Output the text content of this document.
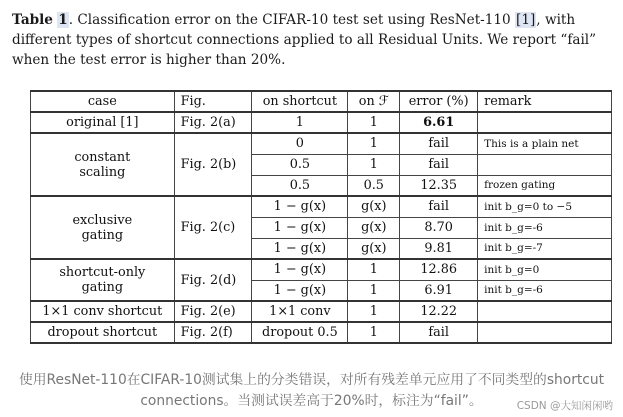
Table 1. Classification error on the CIFAR-10 test set using ResNet-110 [1], with different types of shortcut connections applied to all Residual Units. We report “fail” when the test error is higher than 20%.
case	Fig.	on shortcut	on ℱ	error (%)	remark
original [1]	Fig. 2(a)	1	1	6.61	
constant
scaling	Fig. 2(b)	0	1	fail	This is a plain net
		0.5	1	fail	
		0.5	0.5	12.35	frozen gating
exclusive
gating	Fig. 2(c)	1 − g(x)	g(x)	fail	init b_g=0 to −5
		1 − g(x)	g(x)	8.70	init b_g=-6
		1 − g(x)	g(x)	9.81	init b_g=-7
shortcut-only
gating	Fig. 2(d)	1 − g(x)	1	12.86	init b_g=0
		1 − g(x)	1	6.91	init b_g=-6
1×1 conv shortcut	Fig. 2(e)	1×1 conv	1	12.22	
dropout shortcut	Fig. 2(f)	dropout 0.5	1	fail	
使用ResNet-110在CIFAR-10测试集上的分类错误，对所有残差单元应用了不同类型的shortcut
connections。当测试误差高于20%时，标注为“fail”。	CSDN @大知闲闲哟
